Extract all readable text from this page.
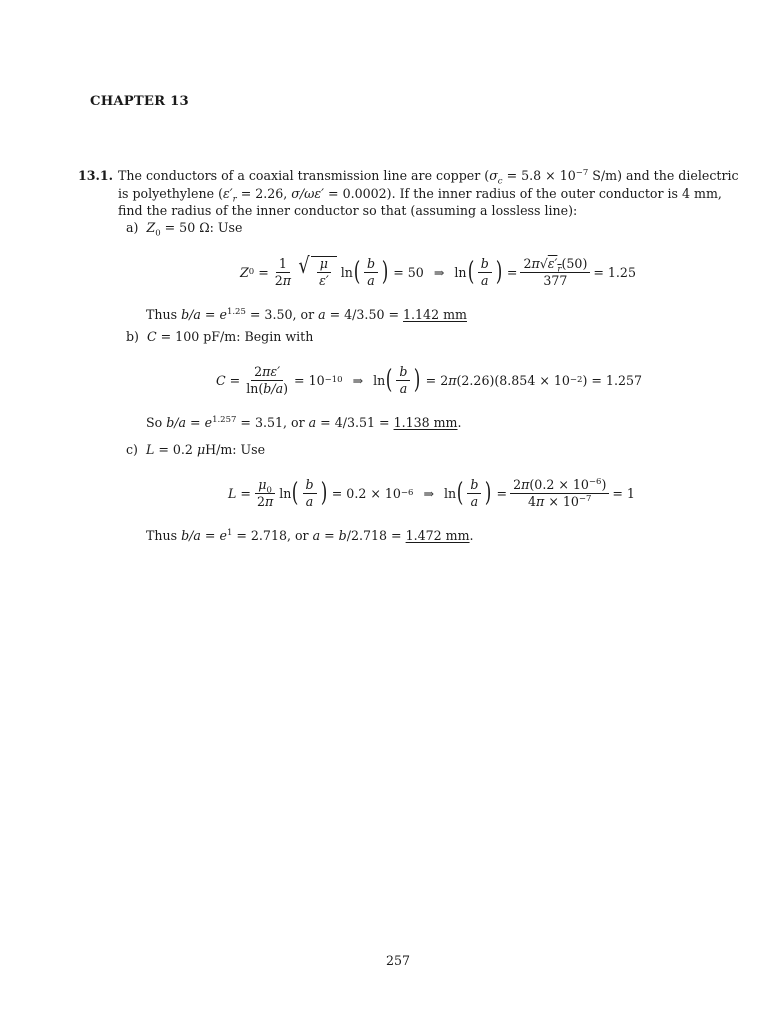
CHAPTER 13
13.1. The conductors of a coaxial transmission line are copper ($\sigma_c = 5.8 \times 10^{-7}$ S/m) and the dielectric
is polyethylene ($\varepsilon'_r = 2.26$, σ/ωε′ = 0.0002). If the inner radius of the outer conductor is 4 mm,
find the radius of the inner conductor so that (assuming a lossless line):
a)  $Z_0 = 50$ Ω: Use
Z $0 = \frac{1}{2\pi}$ √ $\frac{\mu}{\varepsilon'}$ ln ( $\frac{b}{a}$ ) = 50
⇒
ln ( $\frac{b}{a}$ ) = $\frac{2\pi√\varepsilon'_r(50)}{377} = 1.25$
Thus $b/a = e^{1.25} = 3.50$, or a = 4/3.50 = 1.142 mm
b)  C = 100 pF/m: Begin with
$C = \frac{2\pi\varepsilon'}{\ln(b/a)} = 10 -10$ ⇒
ln ( $\frac{b}{a}$ ) = 2 π (2.26)(8.854 × 10 −2 ) = 1.257
So $b/a = e^{1.257} = 3.51$, or a = 4/3.51 = 1.138 mm.
c)  L = 0.2 μH/m: Use
$L = \frac{\mu_0}{2\pi}$ ln ( $\frac{b}{a}$ ) = 0.2 × 10 −6 ⇒
ln ( $\frac{b}{a}$ ) = $\frac{2\pi(0.2 \times 10^{-6})}{4\pi \times 10^{-7}} = 1$
Thus $b/a = e^1 = 2.718$, or a = b/2.718 = 1.472 mm.
257
